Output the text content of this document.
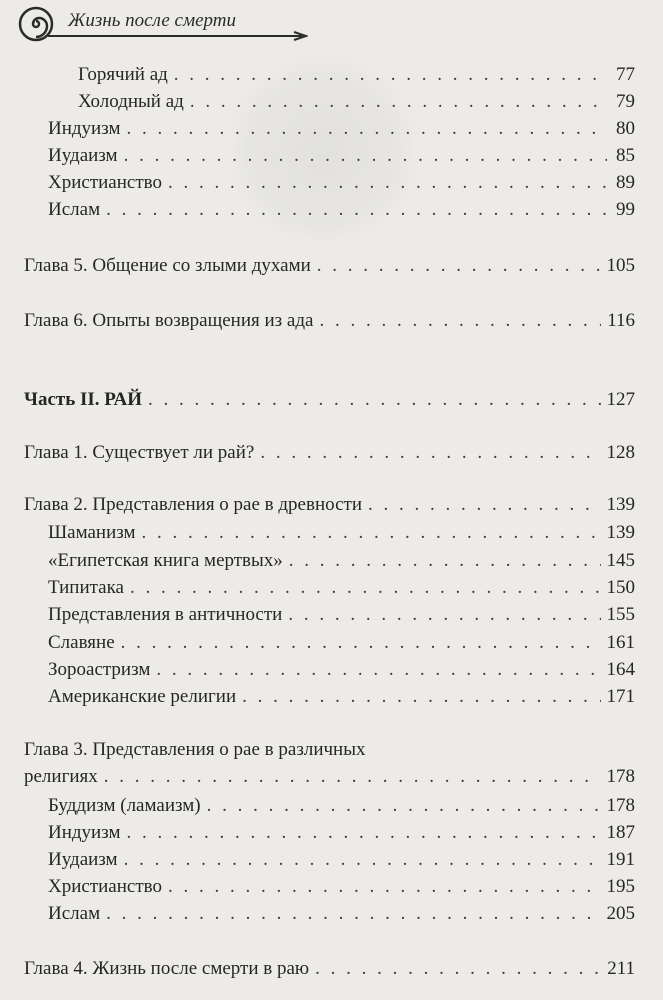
Жизнь после смерти
Горячий ад . . .	77
Холодный ад . . .	79
Индуизм . . .	80
Иудаизм . . .	85
Христианство . . .	89
Ислам . . .	99
Глава 5. Общение со злыми духами . . .	105
Глава 6. Опыты возвращения из ада . . .	116
Часть II. РАЙ . . .	127
Глава 1. Существует ли рай? . . .	128
Глава 2. Представления о рае в древности . . .	139
Шаманизм . . .	139
«Египетская книга мертвых» . . .	145
Типитака . . .	150
Представления в античности . . .	155
Славяне . . .	161
Зороастризм . . .	164
Американские религии . . .	171
Глава 3. Представления о рае в различных
религиях . . .	178
Буддизм (ламаизм) . . .	178
Индуизм . . .	187
Иудаизм . . .	191
Христианство . . .	195
Ислам . . .	205
Глава 4. Жизнь после смерти в раю . . .	211
